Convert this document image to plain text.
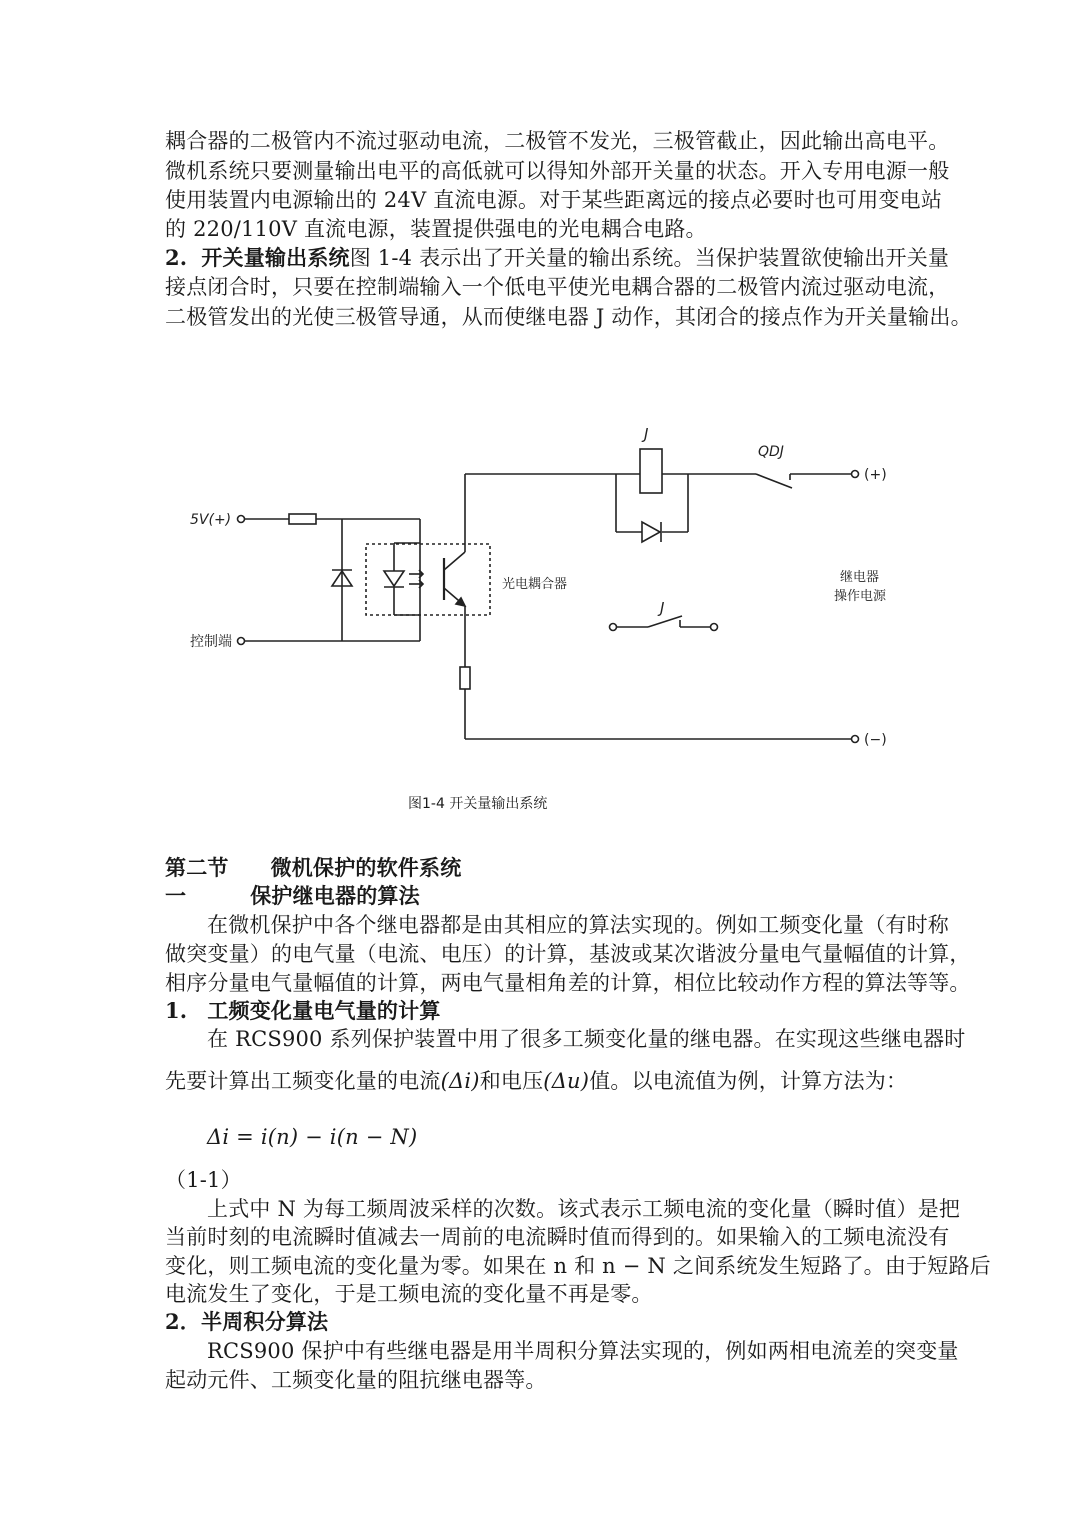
耦合器的二极管内不流过驱动电流，二极管不发光，三极管截止，因此输出高电平。
微机系统只要测量输出电平的高低就可以得知外部开关量的状态。开入专用电源一般
使用装置内电源输出的 24V 直流电源。对于某些距离远的接点必要时也可用变电站
的 220/110V 直流电源，装置提供强电的光电耦合电路。
2. 开关量输出系统图 1-4 表示出了开关量的输出系统。当保护装置欲使输出开关量
接点闭合时，只要在控制端输入一个低电平使光电耦合器的二极管内流过驱动电流，
二极管发出的光使三极管导通，从而使继电器 J 动作，其闭合的接点作为开关量输出。
5V(+)
控制端
光电耦合器
(−)
J
QDJ
(+)
继电器
操作电源
J
图1-4 开关量输出系统
第二节 微机保护的软件系统
一	保护继电器的算法
在微机保护中各个继电器都是由其相应的算法实现的。例如工频变化量（有时称
做突变量）的电气量（电流、电压）的计算，基波或某次谐波分量电气量幅值的计算，
相序分量电气量幅值的计算，两电气量相角差的计算，相位比较动作方程的算法等等。
1. 工频变化量电气量的计算
在 RCS900 系列保护装置中用了很多工频变化量的继电器。在实现这些继电器时
先要计算出工频变化量的电流(Δi)和电压(Δu)值。以电流值为例，计算方法为：
Δi = i(n) − i(n − N)
（1-1）
上式中 N 为每工频周波采样的次数。该式表示工频电流的变化量（瞬时值）是把
当前时刻的电流瞬时值减去一周前的电流瞬时值而得到的。如果输入的工频电流没有
变化，则工频电流的变化量为零。如果在 n 和 n − N 之间系统发生短路了。由于短路后
电流发生了变化，于是工频电流的变化量不再是零。
2．半周积分算法
RCS900 保护中有些继电器是用半周积分算法实现的，例如两相电流差的突变量
起动元件、工频变化量的阻抗继电器等。
